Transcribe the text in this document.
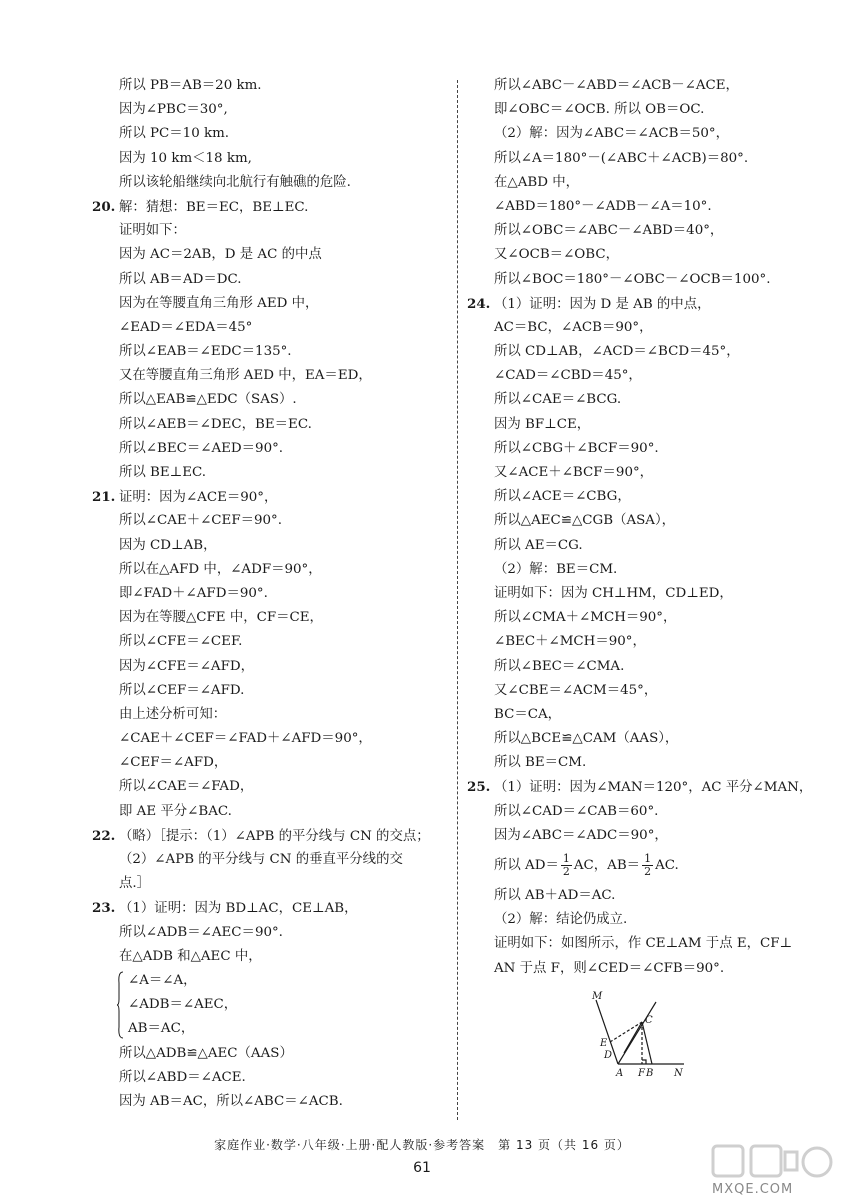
所以 PB＝AB＝20 km.
因为∠PBC＝30°,
所以 PC＝10 km.
因为 10 km＜18 km,
所以该轮船继续向北航行有触礁的危险.
20. 解：猜想：BE＝EC，BE⊥EC.
证明如下：
因为 AC＝2AB，D 是 AC 的中点
所以 AB＝AD＝DC.
因为在等腰直角三角形 AED 中，
∠EAD＝∠EDA＝45°
所以∠EAB＝∠EDC＝135°.
又在等腰直角三角形 AED 中，EA＝ED，
所以△EAB≌△EDC（SAS）.
所以∠AEB＝∠DEC，BE＝EC.
所以∠BEC＝∠AED＝90°.
所以 BE⊥EC.
21. 证明：因为∠ACE＝90°，
所以∠CAE＋∠CEF＝90°.
因为 CD⊥AB，
所以在△AFD 中，∠ADF＝90°，
即∠FAD＋∠AFD＝90°.
因为在等腰△CFE 中，CF＝CE，
所以∠CFE＝∠CEF.
因为∠CFE＝∠AFD，
所以∠CEF＝∠AFD.
由上述分析可知：
∠CAE＋∠CEF＝∠FAD＋∠AFD＝90°，
∠CEF＝∠AFD，
所以∠CAE＝∠FAD，
即 AE 平分∠BAC.
22. （略）［提示：（1）∠APB 的平分线与 CN 的交点；
（2）∠APB 的平分线与 CN 的垂直平分线的交
点.］
23. （1）证明：因为 BD⊥AC，CE⊥AB，
所以∠ADB＝∠AEC＝90°.
在△ADB 和△AEC 中，
∠A＝∠A，
∠ADB＝∠AEC，
AB＝AC，
所以△ADB≌△AEC（AAS）
所以∠ABD＝∠ACE.
因为 AB＝AC，所以∠ABC＝∠ACB.
所以∠ABC－∠ABD＝∠ACB－∠ACE，
即∠OBC＝∠OCB. 所以 OB＝OC.
（2）解：因为∠ABC＝∠ACB＝50°，
所以∠A＝180°－(∠ABC＋∠ACB)＝80°.
在△ABD 中，
∠ABD＝180°－∠ADB－∠A＝10°.
所以∠OBC＝∠ABC－∠ABD＝40°，
又∠OCB＝∠OBC，
所以∠BOC＝180°－∠OBC－∠OCB＝100°.
24. （1）证明：因为 D 是 AB 的中点，
AC＝BC，∠ACB＝90°，
所以 CD⊥AB，∠ACD＝∠BCD＝45°，
∠CAD＝∠CBD＝45°，
所以∠CAE＝∠BCG.
因为 BF⊥CE，
所以∠CBG＋∠BCF＝90°.
又∠ACE＋∠BCF＝90°，
所以∠ACE＝∠CBG，
所以△AEC≌△CGB（ASA），
所以 AE＝CG.
（2）解：BE＝CM.
证明如下：因为 CH⊥HM，CD⊥ED，
所以∠CMA＋∠MCH＝90°，
∠BEC＋∠MCH＝90°，
所以∠BEC＝∠CMA.
又∠CBE＝∠ACM＝45°，
BC＝CA，
所以△BCE≌△CAM（AAS），
所以 BE＝CM.
25. （1）证明：因为∠MAN＝120°，AC 平分∠MAN，
所以∠CAD＝∠CAB＝60°.
因为∠ABC＝∠ADC＝90°，
所以 $AD= \frac{1}{2}$ AC，$AB= \frac{1}{2}$ AC.
所以 AB＋AD＝AC.
（2）解：结论仍成立.
证明如下：如图所示，作 CE⊥AM 于点 E，CF⊥
AN 于点 F，则∠CED＝∠CFB＝90°.
M
C
E
D
A F B N
家庭作业·数学·八年级·上册·配人教版·参考答案　第 13 页（共 16 页）
61
MXQE.COM
